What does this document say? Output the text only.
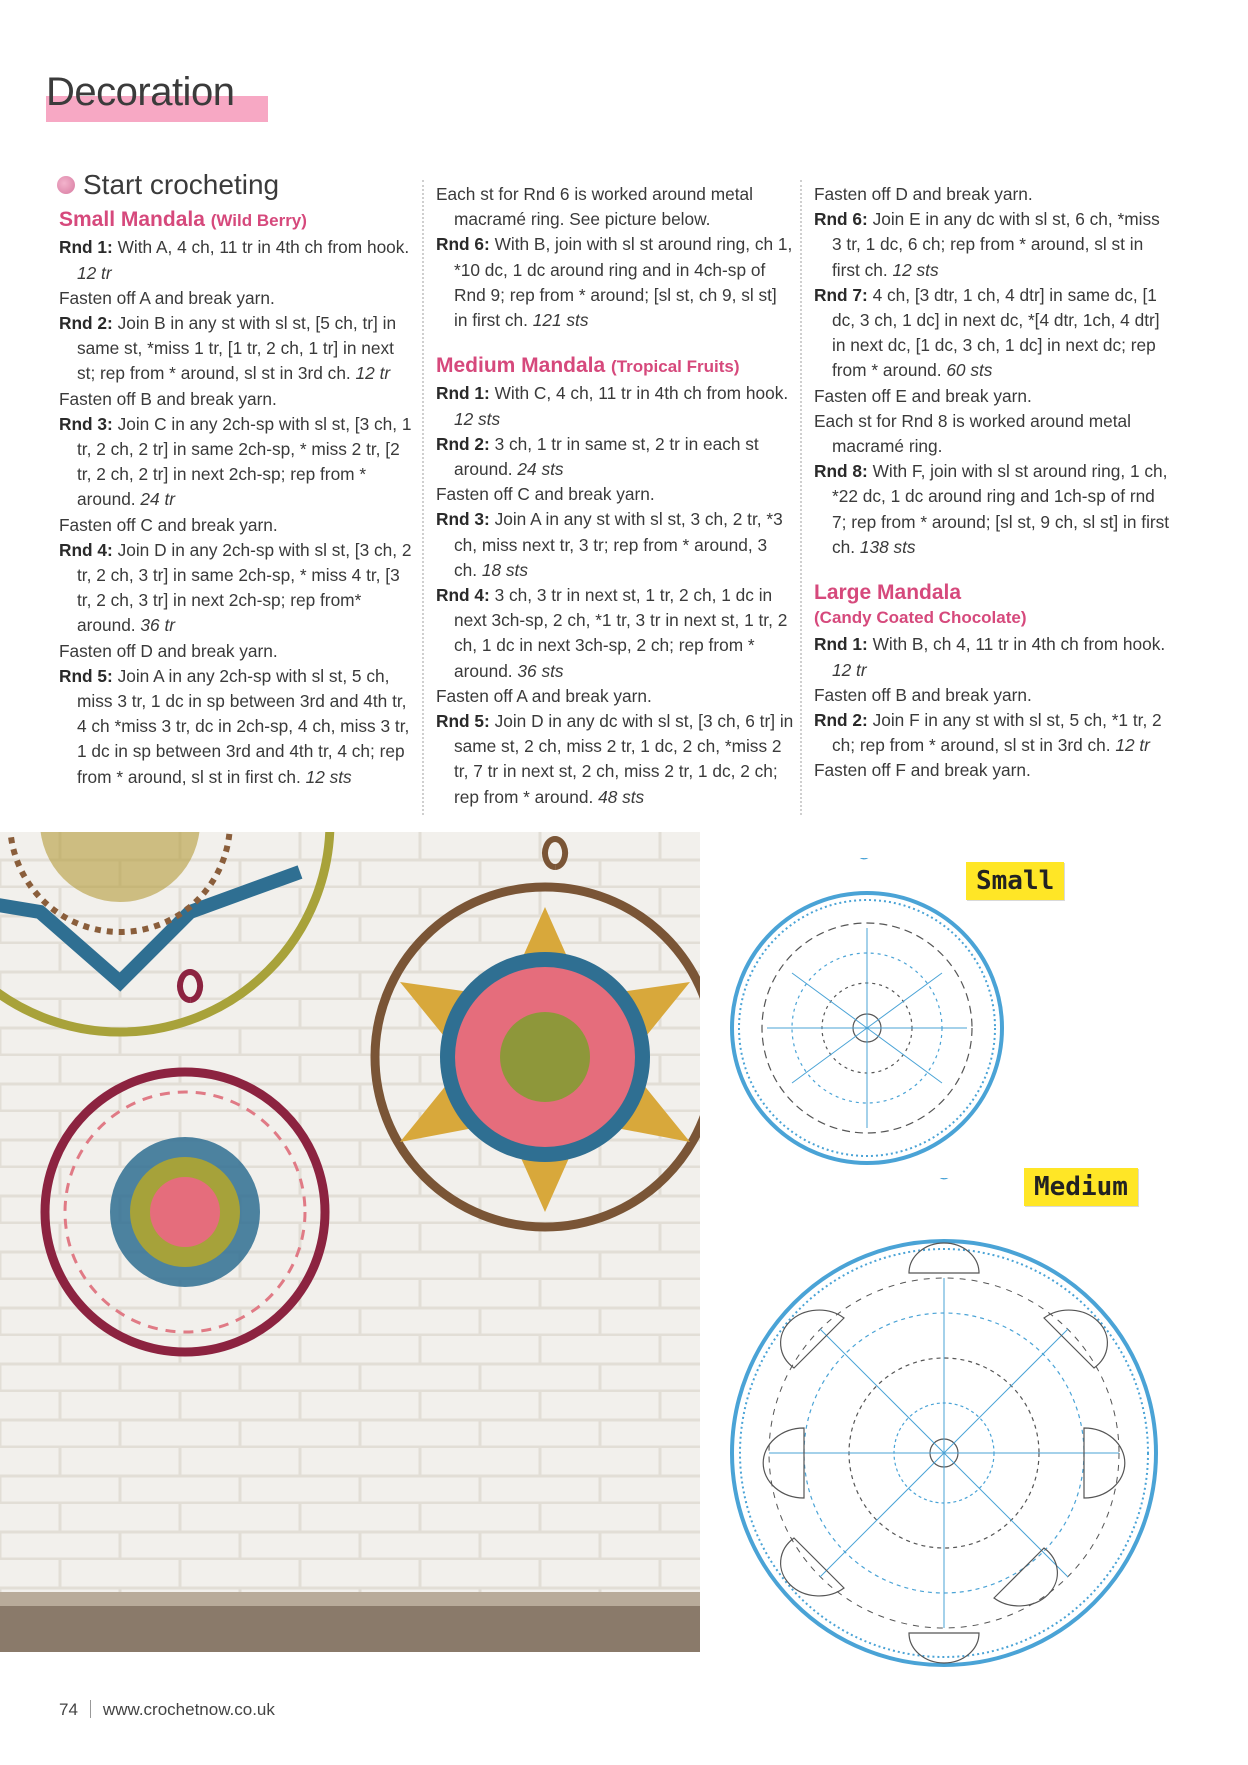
Decoration
Start crocheting
Small Mandala (Wild Berry)

Rnd 1: With A, 4 ch, 11 tr in 4th ch from hook. 12 tr

Fasten off A and break yarn.

Rnd 2: Join B in any st with sl st, [5 ch, tr] in same st, *miss 1 tr, [1 tr, 2 ch, 1 tr] in next st; rep from * around, sl st in 3rd ch. 12 tr

Fasten off B and break yarn.

Rnd 3: Join C in any 2ch-sp with sl st, [3 ch, 1 tr, 2 ch, 2 tr] in same 2ch-sp, * miss 2 tr, [2 tr, 2 ch, 2 tr] in next 2ch-sp; rep from * around. 24 tr

Fasten off C and break yarn.

Rnd 4: Join D in any 2ch-sp with sl st, [3 ch, 2 tr, 2 ch, 3 tr] in same 2ch-sp, * miss 4 tr, [3 tr, 2 ch, 3 tr] in next 2ch-sp; rep from* around. 36 tr

Fasten off D and break yarn.

Rnd 5: Join A in any 2ch-sp with sl st, 5 ch, miss 3 tr, 1 dc in sp between 3rd and 4th tr, 4 ch *miss 3 tr, dc in 2ch-sp, 4 ch, miss 3 tr, 1 dc in sp between 3rd and 4th tr, 4 ch; rep from * around, sl st in first ch. 12 sts

Each st for Rnd 6 is worked around metal macramé ring. See picture below.

Rnd 6: With B, join with sl st around ring, ch 1, *10 dc, 1 dc around ring and in 4ch-sp of Rnd 9; rep from * around; [sl st, ch 9, sl st] in first ch. 121 sts

Medium Mandala (Tropical Fruits)

Rnd 1: With C, 4 ch, 11 tr in 4th ch from hook. 12 sts

Rnd 2: 3 ch, 1 tr in same st, 2 tr in each st around. 24 sts

Fasten off C and break yarn.

Rnd 3: Join A in any st with sl st, 3 ch, 2 tr, *3 ch, miss next tr, 3 tr; rep from * around, 3 ch. 18 sts

Rnd 4: 3 ch, 3 tr in next st, 1 tr, 2 ch, 1 dc in next 3ch-sp, 2 ch, *1 tr, 3 tr in next st, 1 tr, 2 ch, 1 dc in next 3ch-sp, 2 ch; rep from * around. 36 sts

Fasten off A and break yarn.

Rnd 5: Join D in any dc with sl st, [3 ch, 6 tr] in same st, 2 ch, miss 2 tr, 1 dc, 2 ch, *miss 2 tr, 7 tr in next st, 2 ch, miss 2 tr, 1 dc, 2 ch; rep from * around. 48 sts

Fasten off D and break yarn.

Rnd 6: Join E in any dc with sl st, 6 ch, *miss 3 tr, 1 dc, 6 ch; rep from * around, sl st in first ch. 12 sts

Rnd 7: 4 ch, [3 dtr, 1 ch, 4 dtr] in same dc, [1 dc, 3 ch, 1 dc] in next dc, *[4 dtr, 1ch, 4 dtr] in next dc, [1 dc, 3 ch, 1 dc] in next dc; rep from * around. 60 sts

Fasten off E and break yarn.

Each st for Rnd 8 is worked around metal macramé ring.

Rnd 8: With F, join with sl st around ring, 1 ch, *22 dc, 1 dc around ring and 1ch-sp of rnd 7; rep from * around; [sl st, 9 ch, sl st] in first ch. 138 sts

Large Mandala
(Candy Coated Chocolate)

Rnd 1: With B, ch 4, 11 tr in 4th ch from hook. 12 tr

Fasten off B and break yarn.

Rnd 2: Join F in any st with sl st, 5 ch, *1 tr, 2 ch; rep from * around, sl st in 3rd ch. 12 tr

Fasten off F and break yarn.

Small
Medium
74 www.crochetnow.co.uk
